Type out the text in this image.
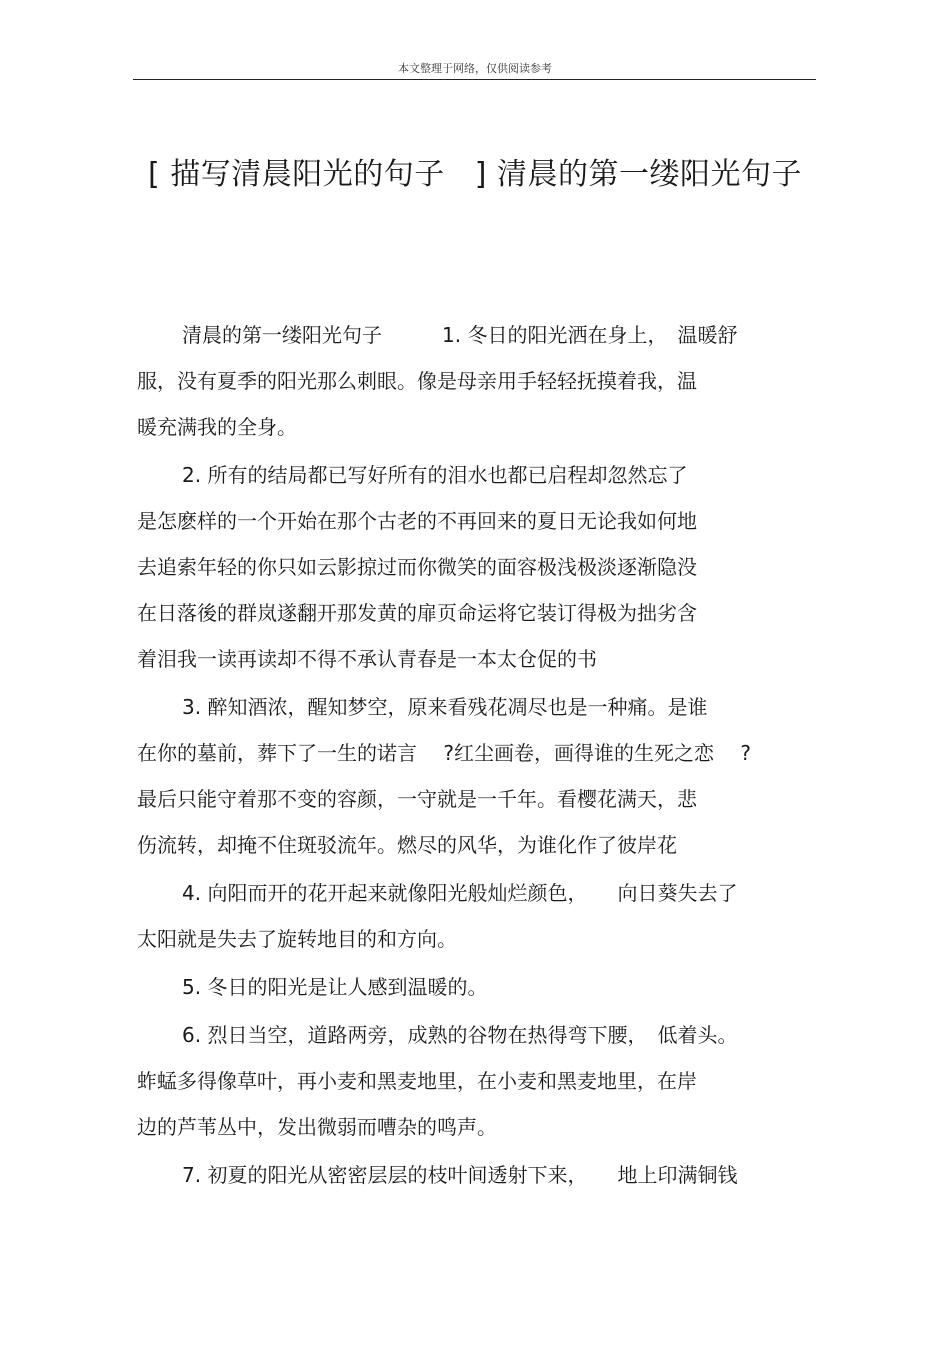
本文整理于网络，仅供阅读参考
[ 描写清晨阳光的句子 ] 清晨的第一缕阳光句子

清晨的第一缕阳光句子　　　1. 冬日的阳光洒在身上，　温暖舒
服，没有夏季的阳光那么刺眼。像是母亲用手轻轻抚摸着我，温
暖充满我的全身。

2. 所有的结局都已写好所有的泪水也都已启程却忽然忘了
是怎麽样的一个开始在那个古老的不再回来的夏日无论我如何地
去追索年轻的你只如云影掠过而你微笑的面容极浅极淡逐渐隐没
在日落後的群岚遂翻开那发黄的扉页命运将它装订得极为拙劣含
着泪我一读再读却不得不承认青春是一本太仓促的书

3. 醉知酒浓，醒知梦空，原来看残花凋尽也是一种痛。是谁
在你的墓前，葬下了一生的诺言　 ?红尘画卷，画得谁的生死之恋　 ?
最后只能守着那不变的容颜，一守就是一千年。看樱花满天，悲
伤流转，却掩不住斑驳流年。燃尽的风华，为谁化作了彼岸花

4. 向阳而开的花开起来就像阳光般灿烂颜色，　　向日葵失去了
太阳就是失去了旋转地目的和方向。

5. 冬日的阳光是让人感到温暖的。

6. 烈日当空，道路两旁，成熟的谷物在热得弯下腰，　低着头。
蚱蜢多得像草叶，再小麦和黑麦地里，在小麦和黑麦地里，在岸
边的芦苇丛中，发出微弱而嘈杂的鸣声。

7. 初夏的阳光从密密层层的枝叶间透射下来，　　地上印满铜钱
